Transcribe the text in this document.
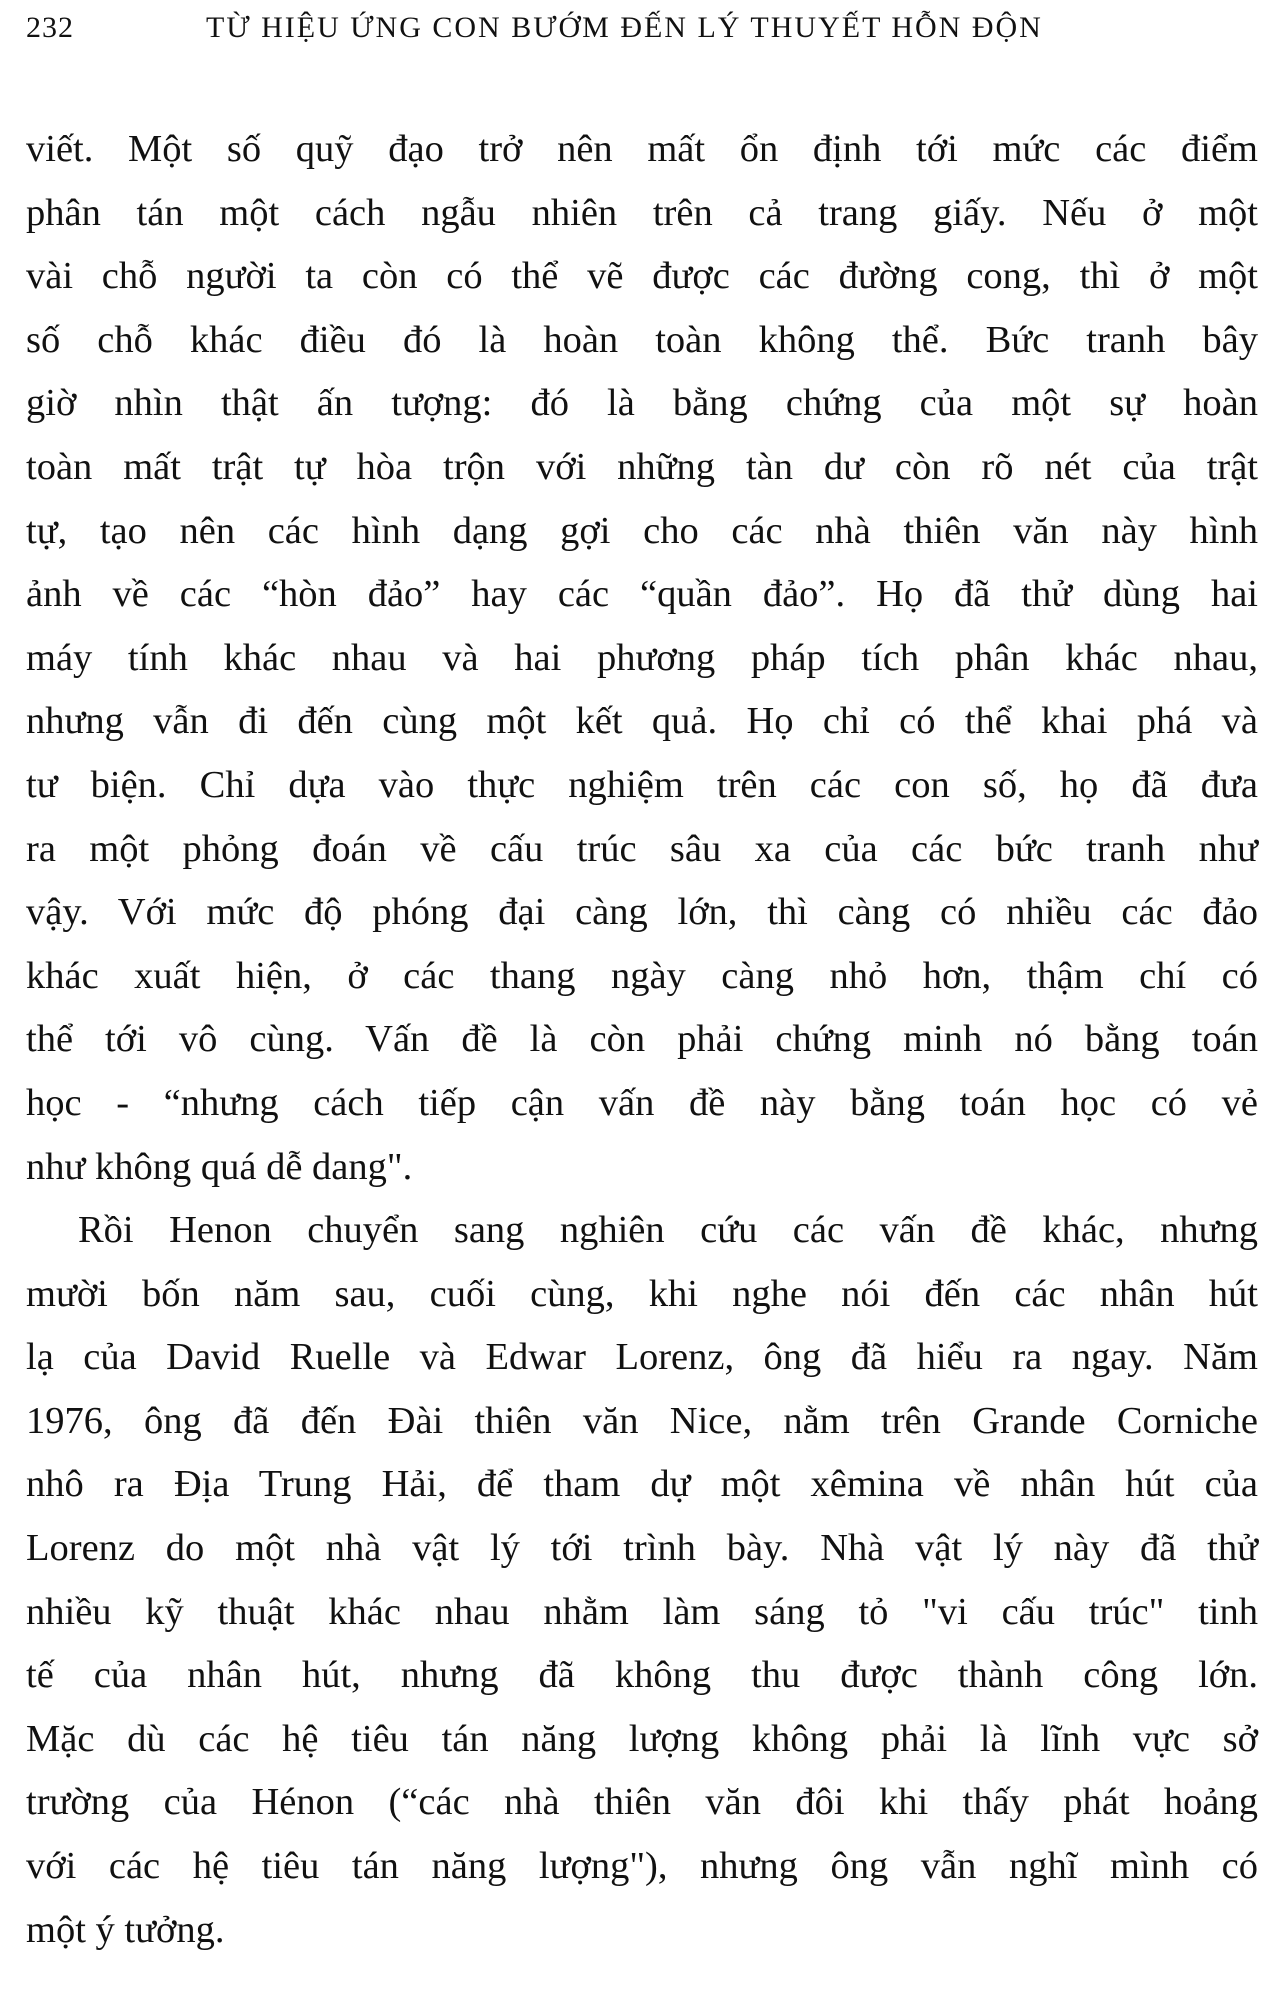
232	TỪ HIỆU ỨNG CON BƯỚM ĐẾN LÝ THUYẾT HỖN ĐỘN
viết. Một số quỹ đạo trở nên mất ổn định tới mức các điểm
phân tán một cách ngẫu nhiên trên cả trang giấy. Nếu ở một
vài chỗ người ta còn có thể vẽ được các đường cong, thì ở một
số chỗ khác điều đó là hoàn toàn không thể. Bức tranh bây
giờ nhìn thật ấn tượng: đó là bằng chứng của một sự hoàn
toàn mất trật tự hòa trộn với những tàn dư còn rõ nét của trật
tự, tạo nên các hình dạng gợi cho các nhà thiên văn này hình
ảnh về các “hòn đảo” hay các “quần đảo”. Họ đã thử dùng hai
máy tính khác nhau và hai phương pháp tích phân khác nhau,
nhưng vẫn đi đến cùng một kết quả. Họ chỉ có thể khai phá và
tư biện. Chỉ dựa vào thực nghiệm trên các con số, họ đã đưa
ra một phỏng đoán về cấu trúc sâu xa của các bức tranh như
vậy. Với mức độ phóng đại càng lớn, thì càng có nhiều các đảo
khác xuất hiện, ở các thang ngày càng nhỏ hơn, thậm chí có
thể tới vô cùng. Vấn đề là còn phải chứng minh nó bằng toán
học - “nhưng cách tiếp cận vấn đề này bằng toán học có vẻ
như không quá dễ dang".
Rồi Henon chuyển sang nghiên cứu các vấn đề khác, nhưng
mười bốn năm sau, cuối cùng, khi nghe nói đến các nhân hút
lạ của David Ruelle và Edwar Lorenz, ông đã hiểu ra ngay. Năm
1976, ông đã đến Đài thiên văn Nice, nằm trên Grande Corniche
nhô ra Địa Trung Hải, để tham dự một xêmina về nhân hút của
Lorenz do một nhà vật lý tới trình bày. Nhà vật lý này đã thử
nhiều kỹ thuật khác nhau nhằm làm sáng tỏ "vi cấu trúc" tinh
tế của nhân hút, nhưng đã không thu được thành công lớn.
Mặc dù các hệ tiêu tán năng lượng không phải là lĩnh vực sở
trường của Hénon (“các nhà thiên văn đôi khi thấy phát hoảng
với các hệ tiêu tán năng lượng"), nhưng ông vẫn nghĩ mình có
một ý tưởng.
